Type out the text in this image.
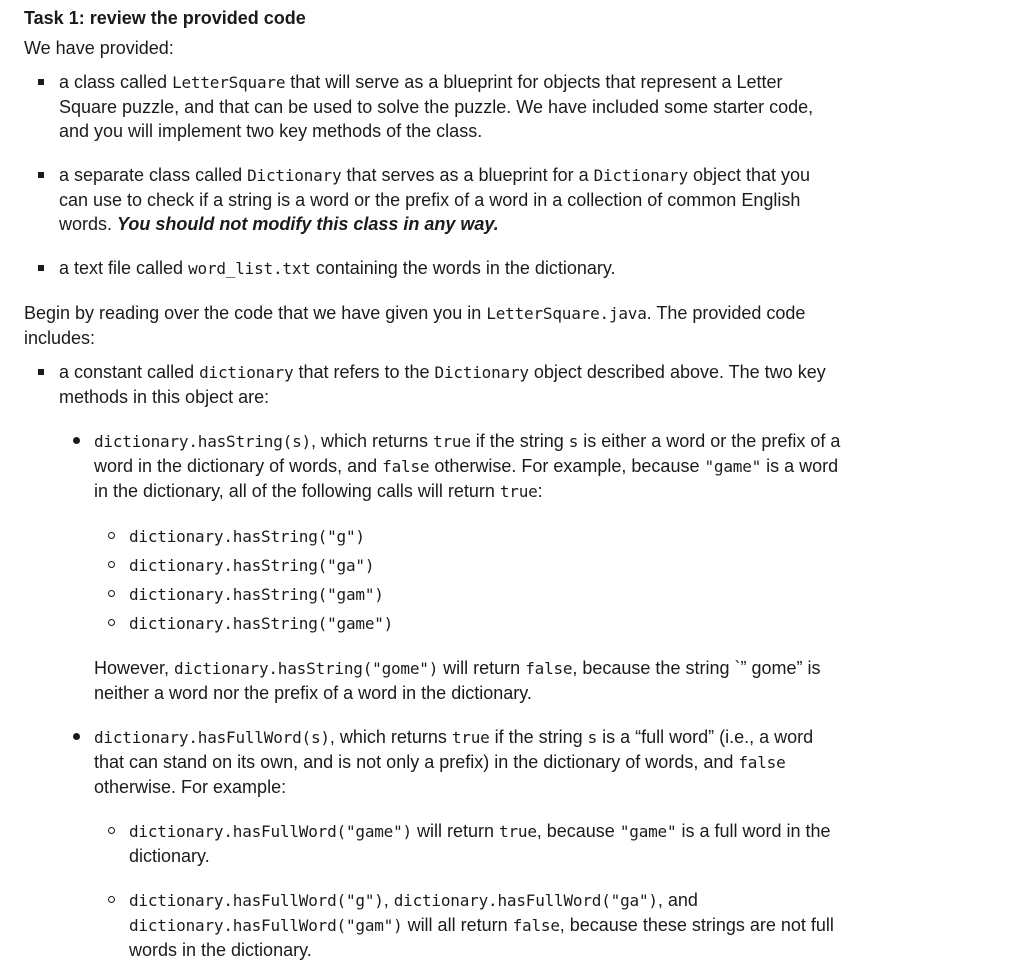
Task 1: review the provided code

We have provided:

a class called LetterSquare that will serve as a blueprint for objects that represent a Letter Square puzzle, and that can be used to solve the puzzle. We have included some starter code, and you will implement two key methods of the class.
a separate class called Dictionary that serves as a blueprint for a Dictionary object that you can use to check if a string is a word or the prefix of a word in a collection of common English words. You should not modify this class in any way.
a text file called word_list.txt containing the words in the dictionary.

Begin by reading over the code that we have given you in LetterSquare.java. The provided code includes:

a constant called dictionary that refers to the Dictionary object described above. The two key methods in this object are:
dictionary.hasString(s), which returns true if the string s is either a word or the prefix of a word in the dictionary of words, and false otherwise. For example, because "game" is a word in the dictionary, all of the following calls will return true:
dictionary.hasString("g")
dictionary.hasString("ga")
dictionary.hasString("gam")
dictionary.hasString("game")

However, dictionary.hasString("gome") will return false, because the string `” gome” is neither a word nor the prefix of a word in the dictionary.

dictionary.hasFullWord(s), which returns true if the string s is a “full word” (i.e., a word that can stand on its own, and is not only a prefix) in the dictionary of words, and false otherwise. For example:
dictionary.hasFullWord("game") will return true, because "game" is a full word in the dictionary.
dictionary.hasFullWord("g"), dictionary.hasFullWord("ga"), and dictionary.hasFullWord("gam") will all return false, because these strings are not full words in the dictionary.
